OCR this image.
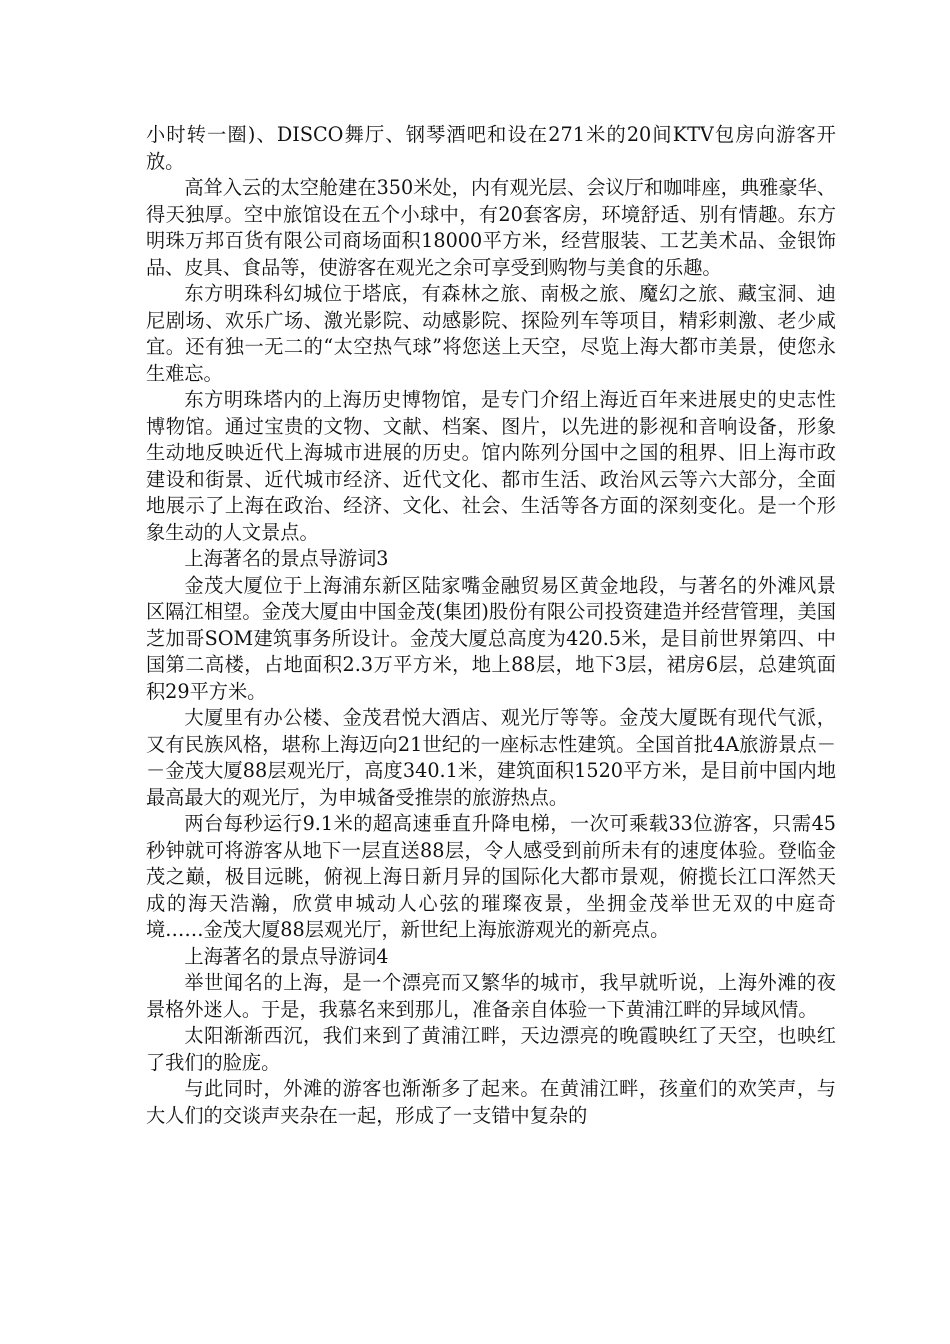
小时转一圈)、DISCO舞厅、钢琴酒吧和设在271米的20间KTV包房向游客开放。

高耸入云的太空舱建在350米处，内有观光层、会议厅和咖啡座，典雅豪华、得天独厚。空中旅馆设在五个小球中，有20套客房，环境舒适、别有情趣。东方明珠万邦百货有限公司商场面积18000平方米，经营服装、工艺美术品、金银饰品、皮具、食品等，使游客在观光之余可享受到购物与美食的乐趣。

东方明珠科幻城位于塔底，有森林之旅、南极之旅、魔幻之旅、藏宝洞、迪尼剧场、欢乐广场、激光影院、动感影院、探险列车等项目，精彩刺激、老少咸宜。还有独一无二的“太空热气球”将您送上天空，尽览上海大都市美景，使您永生难忘。

东方明珠塔内的上海历史博物馆，是专门介绍上海近百年来进展史的史志性博物馆。通过宝贵的文物、文献、档案、图片，以先进的影视和音响设备，形象生动地反映近代上海城市进展的历史。馆内陈列分国中之国的租界、旧上海市政建设和街景、近代城市经济、近代文化、都市生活、政治风云等六大部分，全面地展示了上海在政治、经济、文化、社会、生活等各方面的深刻变化。是一个形象生动的人文景点。

上海著名的景点导游词3

金茂大厦位于上海浦东新区陆家嘴金融贸易区黄金地段，与著名的外滩风景区隔江相望。金茂大厦由中国金茂(集团)股份有限公司投资建造并经营管理，美国芝加哥SOM建筑事务所设计。金茂大厦总高度为420.5米，是目前世界第四、中国第二高楼，占地面积2.3万平方米，地上88层，地下3层，裙房6层，总建筑面积29平方米。

大厦里有办公楼、金茂君悦大酒店、观光厅等等。金茂大厦既有现代气派，又有民族风格，堪称上海迈向21世纪的一座标志性建筑。全国首批4A旅游景点－－金茂大厦88层观光厅，高度340.1米，建筑面积1520平方米，是目前中国内地最高最大的观光厅，为申城备受推崇的旅游热点。

两台每秒运行9.1米的超高速垂直升降电梯，一次可乘载33位游客，只需45秒钟就可将游客从地下一层直送88层，令人感受到前所未有的速度体验。登临金茂之巅，极目远眺，俯视上海日新月异的国际化大都市景观，俯揽长江口浑然天成的海天浩瀚，欣赏申城动人心弦的璀璨夜景，坐拥金茂举世无双的中庭奇境……金茂大厦88层观光厅，新世纪上海旅游观光的新亮点。

上海著名的景点导游词4

举世闻名的上海，是一个漂亮而又繁华的城市，我早就听说，上海外滩的夜景格外迷人。于是，我慕名来到那儿，准备亲自体验一下黄浦江畔的异域风情。

太阳渐渐西沉，我们来到了黄浦江畔，天边漂亮的晚霞映红了天空，也映红了我们的脸庞。

与此同时，外滩的游客也渐渐多了起来。在黄浦江畔，孩童们的欢笑声，与大人们的交谈声夹杂在一起，形成了一支错中复杂的
